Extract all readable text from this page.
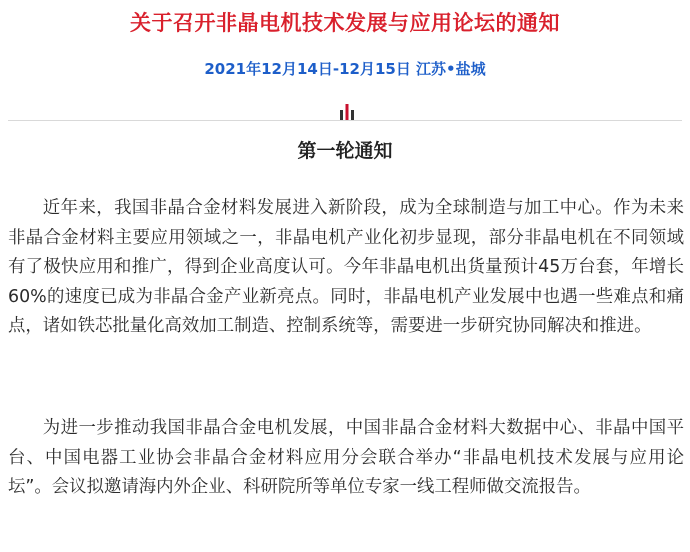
关于召开非晶电机技术发展与应用论坛的通知
2021年12月14日-12月15日 江苏•盐城
第一轮通知

近年来，我国非晶合金材料发展进入新阶段，成为全球制造与加工中心。作为未来非晶合金材料主要应用领域之一，非晶电机产业化初步显现，部分非晶电机在不同领域有了极快应用和推广，得到企业高度认可。今年非晶电机出货量预计45万台套，年增长60%的速度已成为非晶合金产业新亮点。同时，非晶电机产业发展中也遇一些难点和痛点，诸如铁芯批量化高效加工制造、控制系统等，需要进一步研究协同解决和推进。

为进一步推动我国非晶合金电机发展，中国非晶合金材料大数据中心、非晶中国平台、中国电器工业协会非晶合金材料应用分会联合举办“非晶电机技术发展与应用论坛”。会议拟邀请海内外企业、科研院所等单位专家一线工程师做交流报告。
